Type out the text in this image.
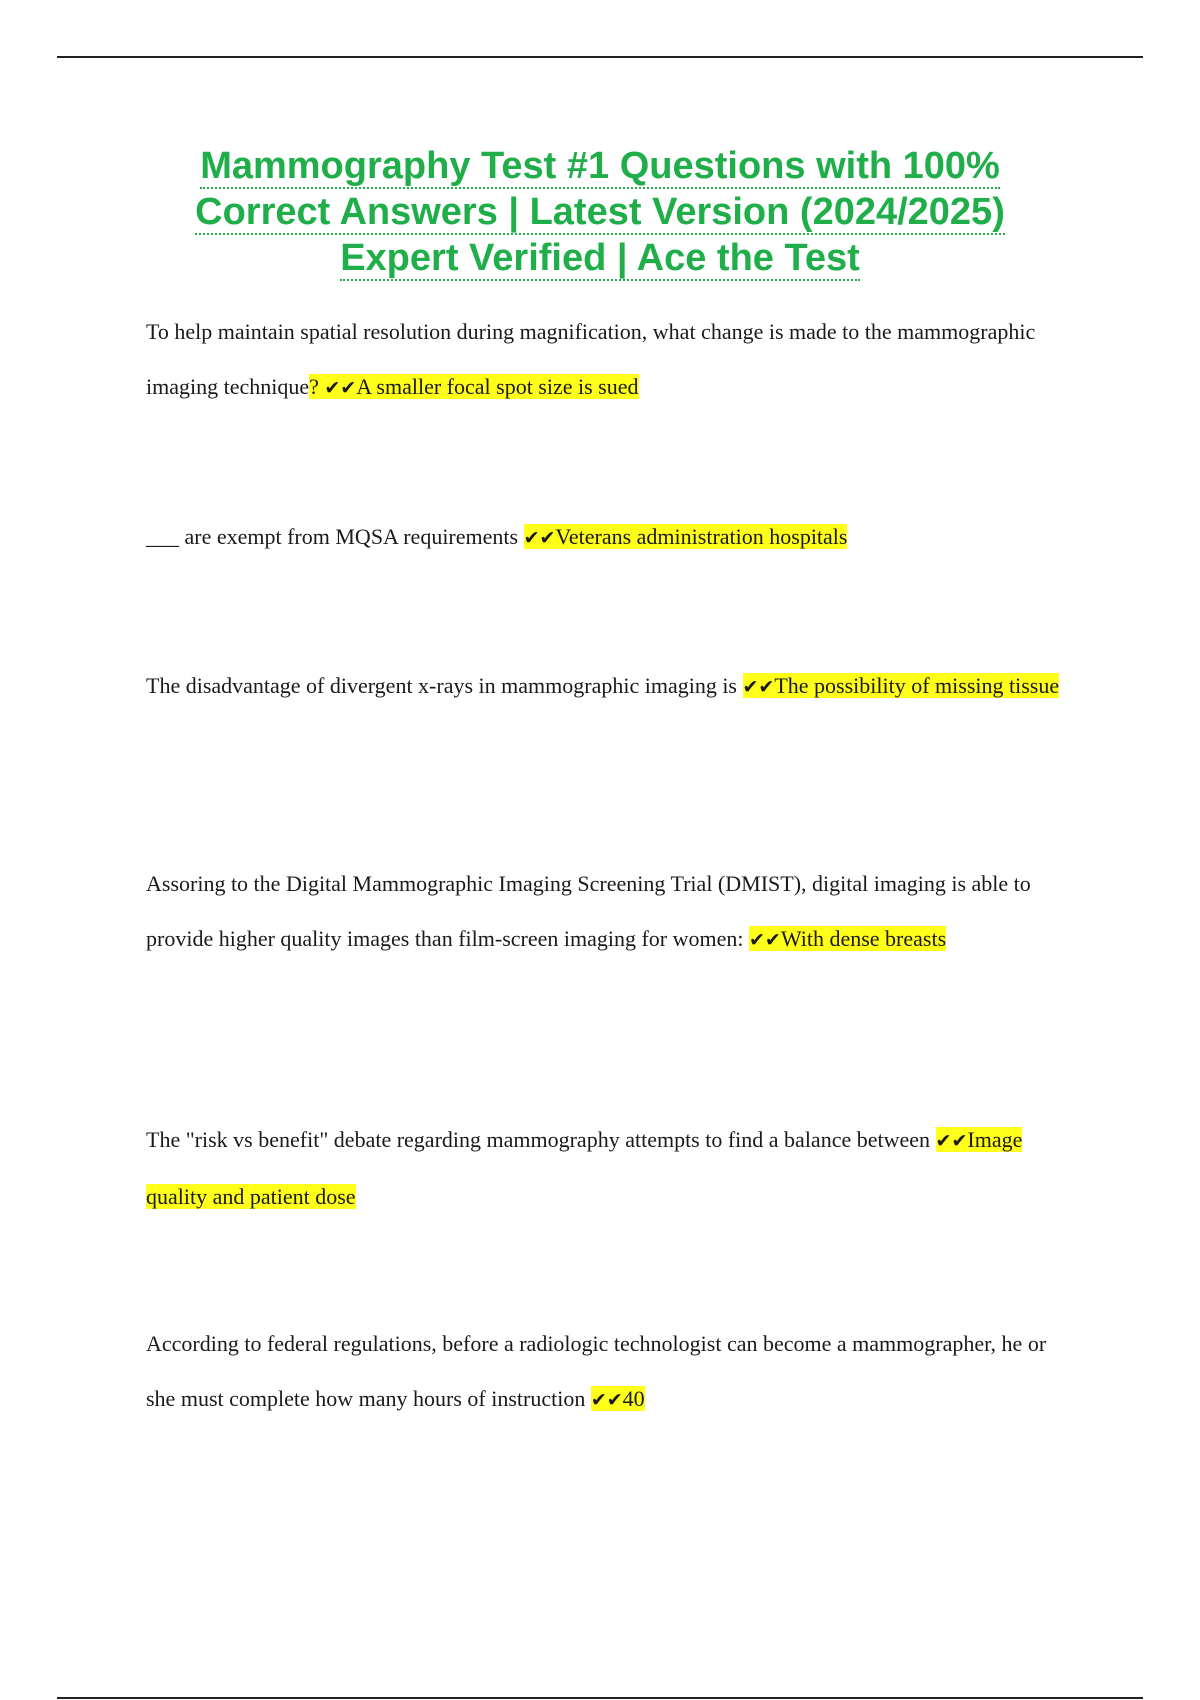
Mammography Test #1 Questions with 100%
Correct Answers | Latest Version (2024/2025)
Expert Verified | Ace the Test

To help maintain spatial resolution during magnification, what change is made to the mammographic imaging technique? ✔✔A smaller focal spot size is sued

___ are exempt from MQSA requirements ✔✔Veterans administration hospitals

The disadvantage of divergent x-rays in mammographic imaging is ✔✔The possibility of missing tissue

Assoring to the Digital Mammographic Imaging Screening Trial (DMIST), digital imaging is able to provide higher quality images than film-screen imaging for women: ✔✔With dense breasts

The "risk vs benefit" debate regarding mammography attempts to find a balance between ✔✔Image quality and patient dose

According to federal regulations, before a radiologic technologist can become a mammographer, he or she must complete how many hours of instruction ✔✔40
